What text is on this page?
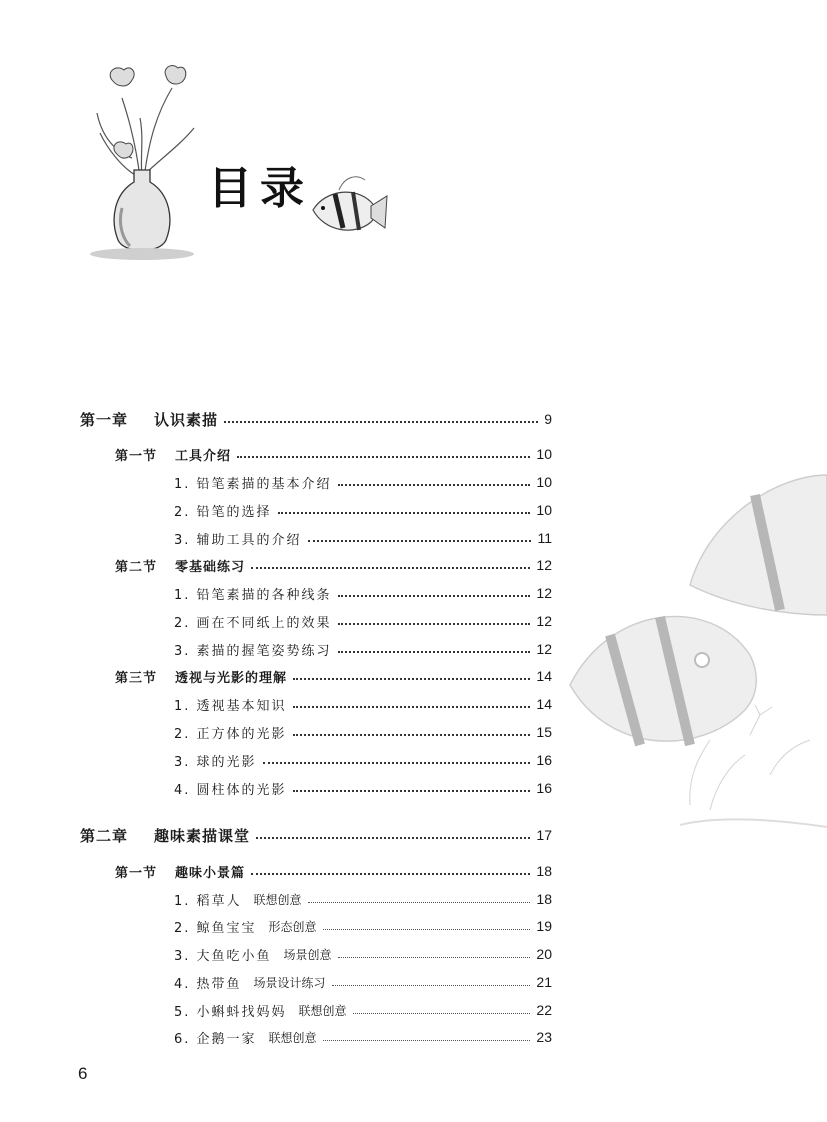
目录
第一章 认识素描	9
第一节 工具介绍	10
1. 铅笔素描的基本介绍	10
2. 铅笔的选择	10
3. 辅助工具的介绍	11
第二节 零基础练习	12
1. 铅笔素描的各种线条	12
2. 画在不同纸上的效果	12
3. 素描的握笔姿势练习	12
第三节 透视与光影的理解	14
1. 透视基本知识	14
2. 正方体的光影	15
3. 球的光影	16
4. 圆柱体的光影	16
第二章 趣味素描课堂	17
第一节 趣味小景篇	18
1. 稻草人 联想创意	18
2. 鲸鱼宝宝 形态创意	19
3. 大鱼吃小鱼 场景创意	20
4. 热带鱼 场景设计练习	21
5. 小蝌蚪找妈妈 联想创意	22
6. 企鹅一家 联想创意	23
6
